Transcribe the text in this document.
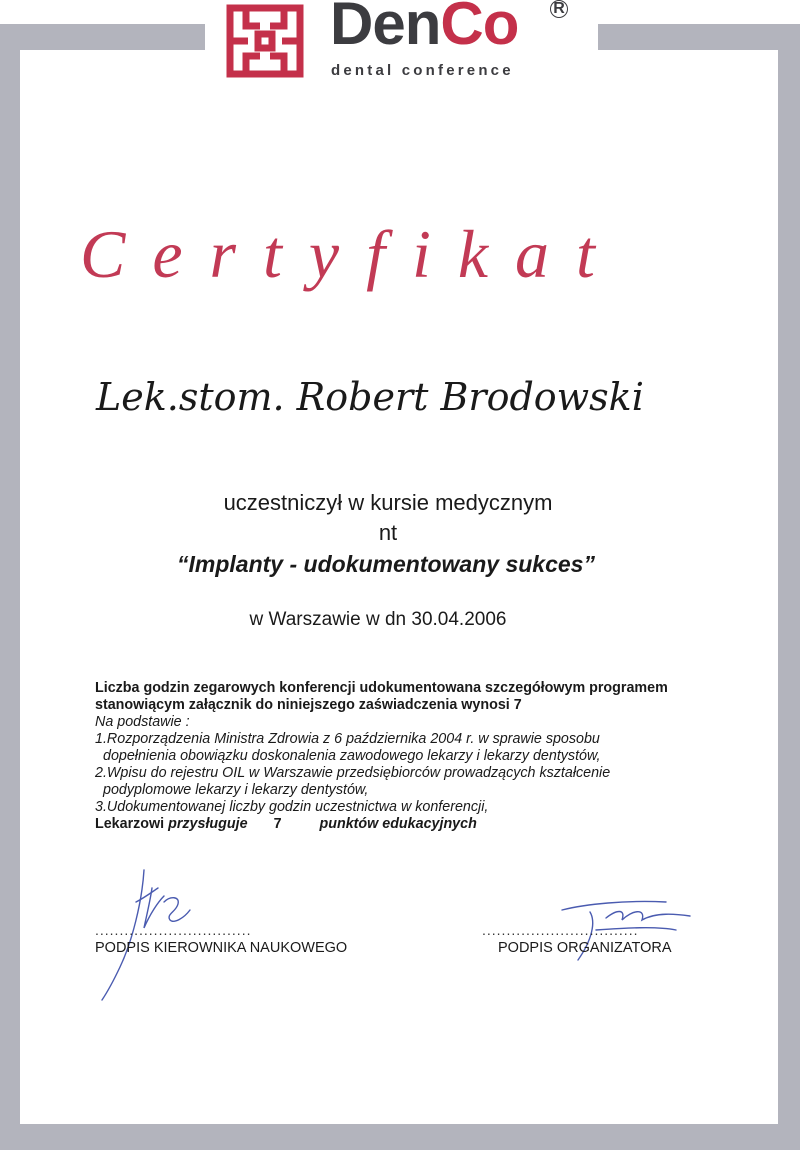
DenCo R
dental conference
Certyfikat
Lek.stom. Robert Brodowski
uczestniczył w kursie medycznym
nt
“Implanty - udokumentowany sukces”
w Warszawie w dn 30.04.2006
Liczba godzin zegarowych konferencji udokumentowana szczegółowym programem
stanowiącym załącznik do niniejszego zaświadczenia wynosi 7
Na podstawie :
1.Rozporządzenia Ministra Zdrowia z 6 października 2004 r. w sprawie sposobu
dopełnienia obowiązku doskonalenia zawodowego lekarzy i lekarzy dentystów,
2.Wpisu do rejestru OIL w Warszawie przedsiębiorców prowadzących kształcenie
podyplomowe lekarzy i lekarzy dentystów,
3.Udokumentowanej liczby godzin uczestnictwa w konferencji,
Lekarzowi przysługuje 7	punktów edukacyjnych
................................
PODPIS KIEROWNIKA NAUKOWEGO
................................
PODPIS ORGANIZATORA
